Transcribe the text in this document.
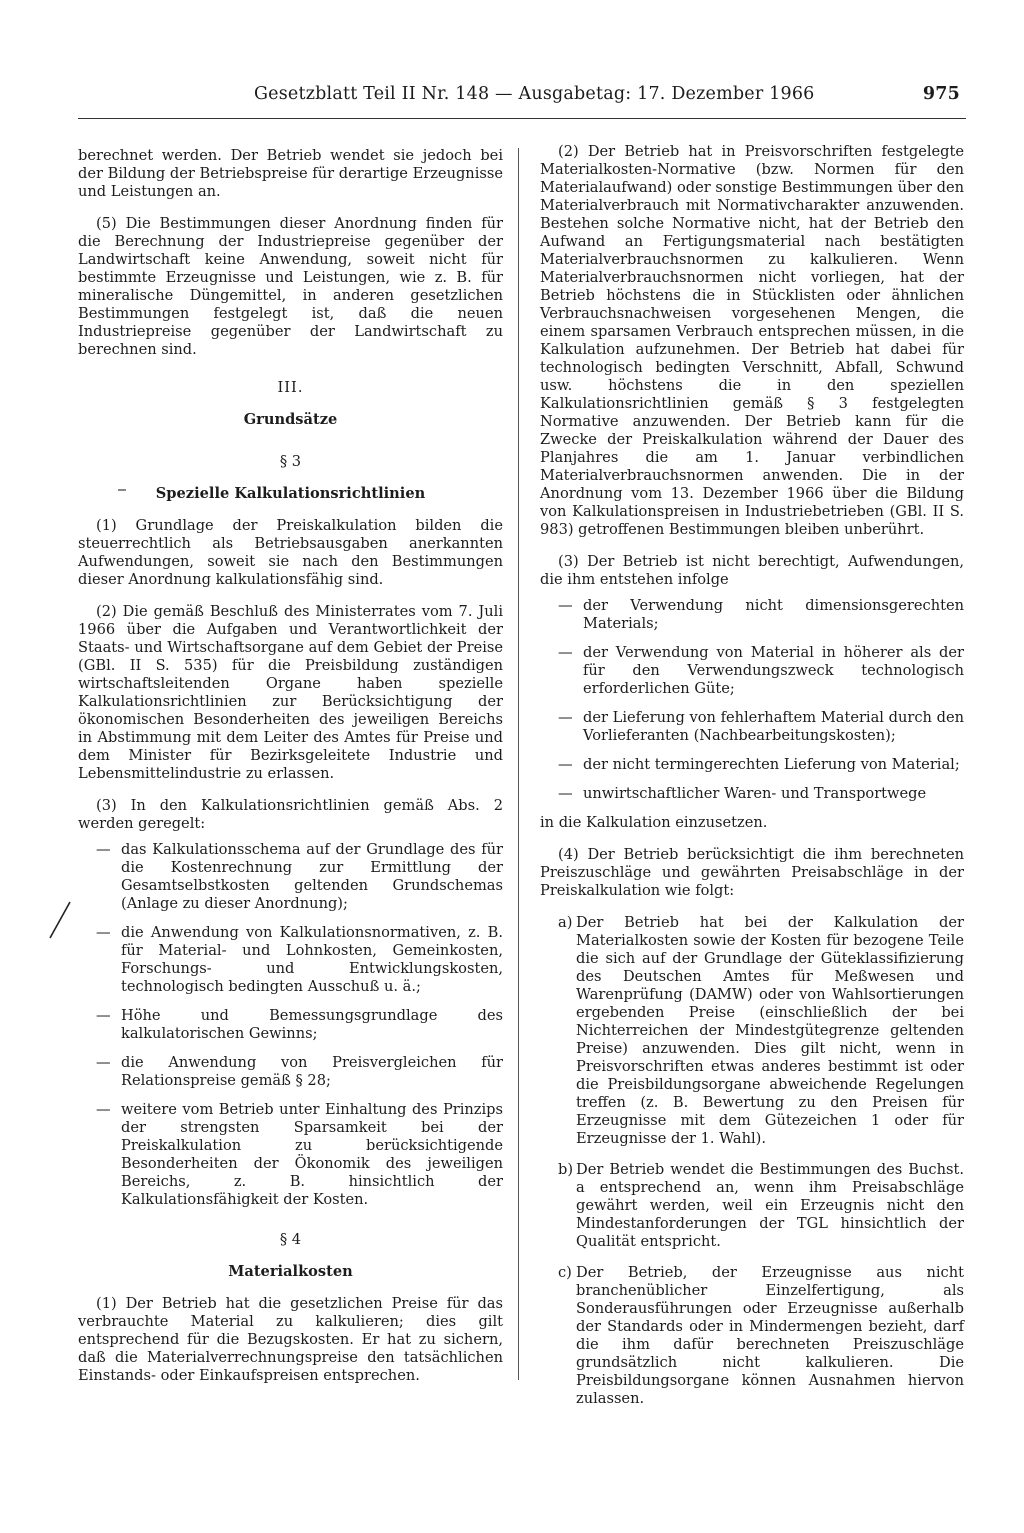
Gesetzblatt Teil II Nr. 148 — Ausgabetag: 17. Dezember 1966	975

berechnet werden. Der Betrieb wendet sie jedoch bei der Bildung der Betriebspreise für derartige Erzeugnisse und Leistungen an.

(5) Die Bestimmungen dieser Anordnung finden für die Berechnung der Industriepreise gegenüber der Landwirtschaft keine Anwendung, soweit nicht für bestimmte Erzeugnisse und Leistungen, wie z. B. für mineralische Düngemittel, in anderen gesetzlichen Bestimmungen festgelegt ist, daß die neuen Industriepreise gegenüber der Landwirtschaft zu berechnen sind.

III.

Grundsätze

§ 3

Spezielle Kalkulationsrichtlinien

(1) Grundlage der Preiskalkulation bilden die steuerrechtlich als Betriebsausgaben anerkannten Aufwendungen, soweit sie nach den Bestimmungen dieser Anordnung kalkulationsfähig sind.

(2) Die gemäß Beschluß des Ministerrates vom 7. Juli 1966 über die Aufgaben und Verantwortlichkeit der Staats- und Wirtschaftsorgane auf dem Gebiet der Preise (GBl. II S. 535) für die Preisbildung zuständigen wirtschaftsleitenden Organe haben spezielle Kalkulationsrichtlinien zur Berücksichtigung der ökonomischen Besonderheiten des jeweiligen Bereichs in Abstimmung mit dem Leiter des Amtes für Preise und dem Minister für Bezirksgeleitete Industrie und Lebensmittelindustrie zu erlassen.

(3) In den Kalkulationsrichtlinien gemäß Abs. 2 werden geregelt:

— das Kalkulationsschema auf der Grundlage des für die Kostenrechnung zur Ermittlung der Gesamtselbstkosten geltenden Grundschemas (Anlage zu dieser Anordnung);
— die Anwendung von Kalkulationsnormativen, z. B. für Material- und Lohnkosten, Gemeinkosten, Forschungs- und Entwicklungskosten, technologisch bedingten Ausschuß u. ä.;
— Höhe und Bemessungsgrundlage des kalkulatorischen Gewinns;
— die Anwendung von Preisvergleichen für Relationspreise gemäß § 28;
— weitere vom Betrieb unter Einhaltung des Prinzips der strengsten Sparsamkeit bei der Preiskalkulation zu berücksichtigende Besonderheiten der Ökonomik des jeweiligen Bereichs, z. B. hinsichtlich der Kalkulationsfähigkeit der Kosten.

§ 4

Materialkosten

(1) Der Betrieb hat die gesetzlichen Preise für das verbrauchte Material zu kalkulieren; dies gilt entsprechend für die Bezugskosten. Er hat zu sichern, daß die Materialverrechnungspreise den tatsächlichen Einstands- oder Einkaufspreisen entsprechen.

(2) Der Betrieb hat in Preisvorschriften festgelegte Materialkosten-Normative (bzw. Normen für den Materialaufwand) oder sonstige Bestimmungen über den Materialverbrauch mit Normativcharakter anzuwenden. Bestehen solche Normative nicht, hat der Betrieb den Aufwand an Fertigungsmaterial nach bestätigten Materialverbrauchsnormen zu kalkulieren. Wenn Materialverbrauchsnormen nicht vorliegen, hat der Betrieb höchstens die in Stücklisten oder ähnlichen Verbrauchsnachweisen vorgesehenen Mengen, die einem sparsamen Verbrauch entsprechen müssen, in die Kalkulation aufzunehmen. Der Betrieb hat dabei für technologisch bedingten Verschnitt, Abfall, Schwund usw. höchstens die in den speziellen Kalkulationsrichtlinien gemäß § 3 festgelegten Normative anzuwenden. Der Betrieb kann für die Zwecke der Preiskalkulation während der Dauer des Planjahres die am 1. Januar verbindlichen Materialverbrauchsnormen anwenden. Die in der Anordnung vom 13. Dezember 1966 über die Bildung von Kalkulationspreisen in Industriebetrieben (GBl. II S. 983) getroffenen Bestimmungen bleiben unberührt.

(3) Der Betrieb ist nicht berechtigt, Aufwendungen, die ihm entstehen infolge

— der Verwendung nicht dimensionsgerechten Materials;
— der Verwendung von Material in höherer als der für den Verwendungszweck technologisch erforderlichen Güte;
— der Lieferung von fehlerhaftem Material durch den Vorlieferanten (Nachbearbeitungskosten);
— der nicht termingerechten Lieferung von Material;
— unwirtschaftlicher Waren- und Transportwege

in die Kalkulation einzusetzen.

(4) Der Betrieb berücksichtigt die ihm berechneten Preiszuschläge und gewährten Preisabschläge in der Preiskalkulation wie folgt:

a) Der Betrieb hat bei der Kalkulation der Materialkosten sowie der Kosten für bezogene Teile die sich auf der Grundlage der Güteklassifizierung des Deutschen Amtes für Meßwesen und Warenprüfung (DAMW) oder von Wahlsortierungen ergebenden Preise (einschließlich der bei Nichterreichen der Mindestgütegrenze geltenden Preise) anzuwenden. Dies gilt nicht, wenn in Preisvorschriften etwas anderes bestimmt ist oder die Preisbildungsorgane abweichende Regelungen treffen (z. B. Bewertung zu den Preisen für Erzeugnisse mit dem Gütezeichen 1 oder für Erzeugnisse der 1. Wahl).
b) Der Betrieb wendet die Bestimmungen des Buchst. a entsprechend an, wenn ihm Preisabschläge gewährt werden, weil ein Erzeugnis nicht den Mindestanforderungen der TGL hinsichtlich der Qualität entspricht.
c) Der Betrieb, der Erzeugnisse aus nicht branchenüblicher Einzelfertigung, als Sonderausführungen oder Erzeugnisse außerhalb der Standards oder in Mindermengen bezieht, darf die ihm dafür berechneten Preiszuschläge grundsätzlich nicht kalkulieren. Die Preisbildungsorgane können Ausnahmen hiervon zulassen.
